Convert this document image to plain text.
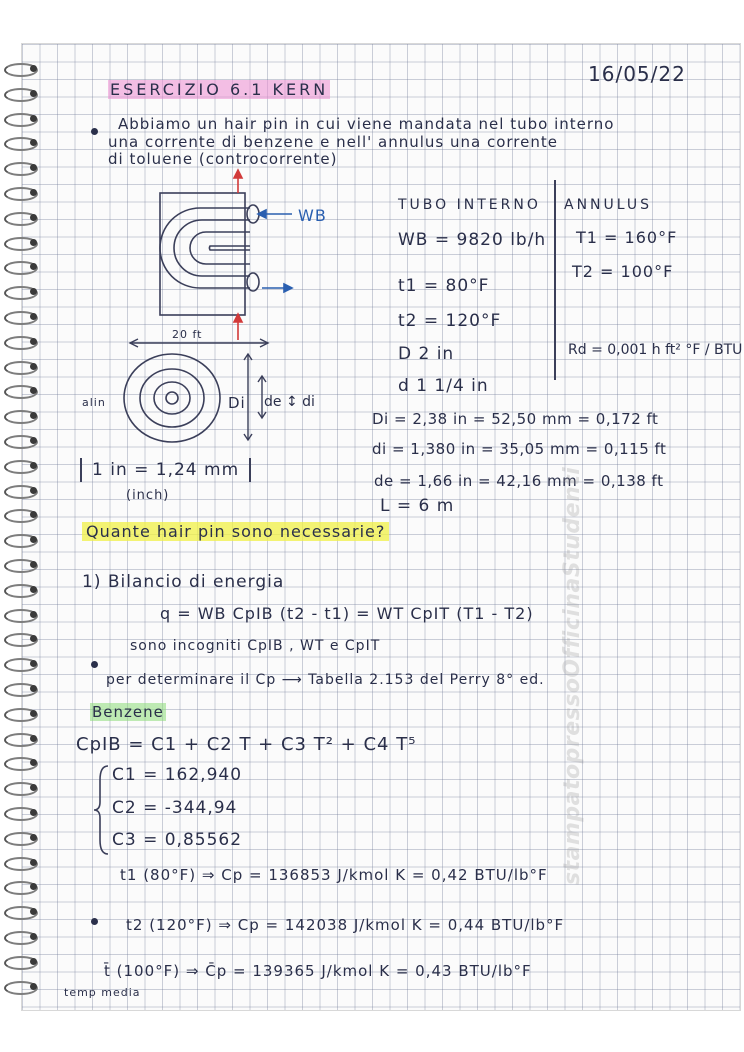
16/05/22
ESERCIZIO 6.1 KERN
Abbiamo un hair pin in cui viene mandata nel tubo interno
una corrente di benzene e nell' annulus una corrente
di toluene (controcorrente)
WB
20 ft
Di de ↕ di
alin
1 in = 1,24 mm
(inch)
TUBO INTERNO ANNULUS
WB = 9820 lb/h
t1 = 80°F
t2 = 120°F
D 2 in
d 1 1/4 in
T1 = 160°F
T2 = 100°F
Rd = 0,001 h ft² °F / BTU
Di = 2,38 in = 52,50 mm = 0,172 ft
di = 1,380 in = 35,05 mm = 0,115 ft
de = 1,66 in = 42,16 mm = 0,138 ft
L = 6 m
Quante hair pin sono necessarie?
1) Bilancio di energia
q = WB CpIB (t2 - t1) = WT CpIT (T1 - T2)
sono incogniti CpIB , WT e CpIT
per determinare il Cp ⟶ Tabella 2.153 del Perry 8° ed.
Benzene
CpIB = C1 + C2 T + C3 T² + C4 T⁵
C1 = 162,940
C2 = -344,94
C3 = 0,85562
t1 (80°F) ⇒ Cp = 136853 J/kmol K = 0,42 BTU/lb°F
t2 (120°F) ⇒ Cp = 142038 J/kmol K = 0,44 BTU/lb°F
t̄ (100°F) ⇒ C̄p = 139365 J/kmol K = 0,43 BTU/lb°F
temp media
stampatopressoOfficinaStudenti
